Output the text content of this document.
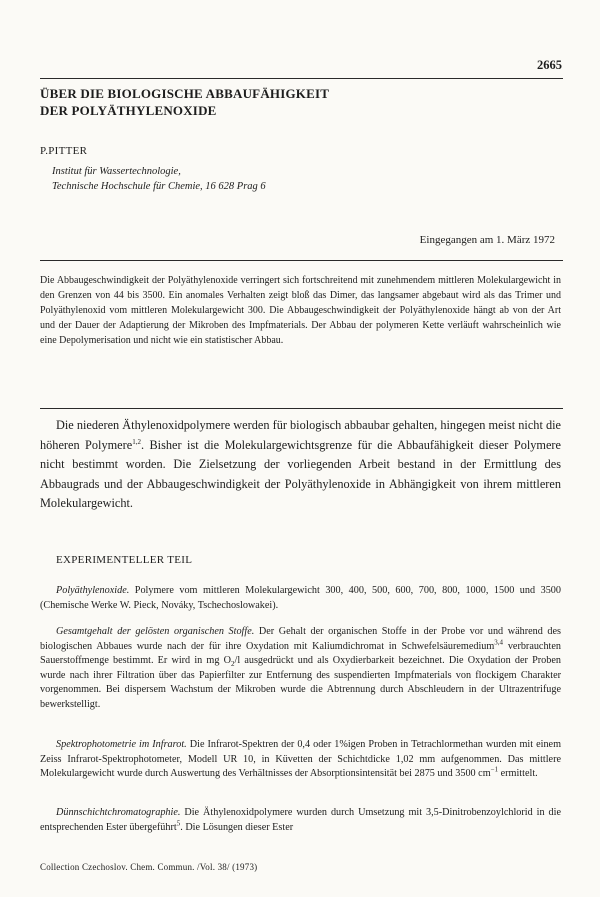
2665
ÜBER DIE BIOLOGISCHE ABBAUFÄHIGKEIT
DER POLYÄTHYLENOXIDE
P.PITTER
Institut für Wassertechnologie,
Technische Hochschule für Chemie, 16 628 Prag 6
Eingegangen am 1. März 1972
Die Abbaugeschwindigkeit der Polyäthylenoxide verringert sich fortschreitend mit zunehmendem mittleren Molekulargewicht in den Grenzen von 44 bis 3500. Ein anomales Verhalten zeigt bloß das Dimer, das langsamer abgebaut wird als das Trimer und Polyäthylenoxid vom mittleren Molekulargewicht 300. Die Abbaugeschwindigkeit der Polyäthylenoxide hängt ab von der Art und der Dauer der Adaptierung der Mikroben des Impfmaterials. Der Abbau der polymeren Kette verläuft wahrscheinlich wie eine Depolymerisation und nicht wie ein statistischer Abbau.
Die niederen Äthylenoxidpolymere werden für biologisch abbaubar gehalten, hingegen meist nicht die höheren Polymere$^{1,2}$. Bisher ist die Molekulargewichtsgrenze für die Abbaufähigkeit dieser Polymere nicht bestimmt worden. Die Zielsetzung der vorliegenden Arbeit bestand in der Ermittlung des Abbaugrads und der Abbaugeschwindigkeit der Polyäthylenoxide in Abhängigkeit von ihrem mittleren Molekulargewicht.
EXPERIMENTELLER TEIL
Polyäthylenoxide. Polymere vom mittleren Molekulargewicht 300, 400, 500, 600, 700, 800, 1000, 1500 und 3500 (Chemische Werke W. Pieck, Nováky, Tschechoslowakei).
Gesamtgehalt der gelösten organischen Stoffe. Der Gehalt der organischen Stoffe in der Probe vor und während des biologischen Abbaues wurde nach der für ihre Oxydation mit Kaliumdichromat in Schwefelsäuremedium$^{3,4}$ verbrauchten Sauerstoffmenge bestimmt. Er wird in mg $O_2/l$ ausgedrückt und als Oxydierbarkeit bezeichnet. Die Oxydation der Proben wurde nach ihrer Filtration über das Papierfilter zur Entfernung des suspendierten Impfmaterials von flockigem Charakter vorgenommen. Bei dispersem Wachstum der Mikroben wurde die Abtrennung durch Abschleudern in der Ultrazentrifuge bewerkstelligt.
Spektrophotometrie im Infrarot. Die Infrarot-Spektren der 0,4 oder 1%igen Proben in Tetrachlormethan wurden mit einem Zeiss Infrarot-Spektrophotometer, Modell UR 10, in Küvetten der Schichtdicke 1,02 mm aufgenommen. Das mittlere Molekulargewicht wurde durch Auswertung des Verhältnisses der Absorptionsintensität bei 2875 und 3500 $cm^{-1}$ ermittelt.
Dünnschichtchromatographie. Die Äthylenoxidpolymere wurden durch Umsetzung mit 3,5-Dinitrobenzoylchlorid in die entsprechenden Ester übergeführt$^5$. Die Lösungen dieser Ester
Collection Czechoslov. Chem. Commun. /Vol. 38/ (1973)
